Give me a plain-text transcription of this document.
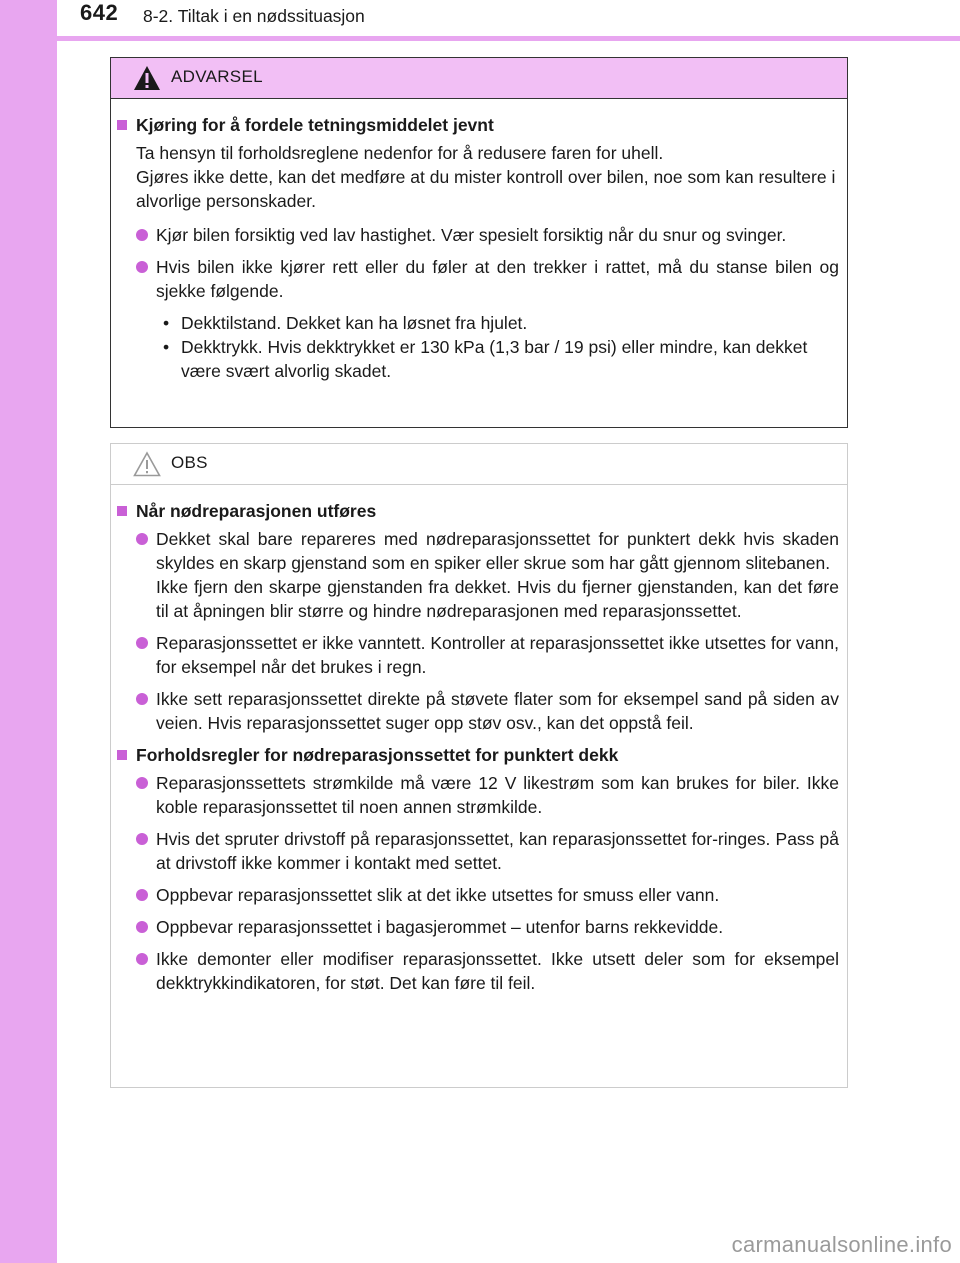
642 8-2. Tiltak i en nødssituasjon
ADVARSEL
Kjøring for å fordele tetningsmiddelet jevnt
Ta hensyn til forholdsreglene nedenfor for å redusere faren for uhell.
Gjøres ikke dette, kan det medføre at du mister kontroll over bilen, noe som kan resultere i alvorlige personskader.
Kjør bilen forsiktig ved lav hastighet. Vær spesielt forsiktig når du snur og svinger.
Hvis bilen ikke kjører rett eller du føler at den trekker i rattet, må du stanse bilen og sjekke følgende.
• Dekktilstand. Dekket kan ha løsnet fra hjulet.
• Dekktrykk. Hvis dekktrykket er 130 kPa (1,3 bar / 19 psi) eller mindre, kan dekket være svært alvorlig skadet.
OBS
Når nødreparasjonen utføres
Dekket skal bare repareres med nødreparasjonssettet for punktert dekk hvis skaden skyldes en skarp gjenstand som en spiker eller skrue som har gått gjennom slitebanen.
Ikke fjern den skarpe gjenstanden fra dekket. Hvis du fjerner gjenstanden, kan det føre til at åpningen blir større og hindre nødreparasjonen med reparasjonssettet.
Reparasjonssettet er ikke vanntett. Kontroller at reparasjonssettet ikke utsettes for vann, for eksempel når det brukes i regn.
Ikke sett reparasjonssettet direkte på støvete flater som for eksempel sand på siden av veien. Hvis reparasjonssettet suger opp støv osv., kan det oppstå feil.
Forholdsregler for nødreparasjonssettet for punktert dekk
Reparasjonssettets strømkilde må være 12 V likestrøm som kan brukes for biler. Ikke koble reparasjonssettet til noen annen strømkilde.
Hvis det spruter drivstoff på reparasjonssettet, kan reparasjonssettet for-ringes. Pass på at drivstoff ikke kommer i kontakt med settet.
Oppbevar reparasjonssettet slik at det ikke utsettes for smuss eller vann.
Oppbevar reparasjonssettet i bagasjerommet – utenfor barns rekkevidde.
Ikke demonter eller modifiser reparasjonssettet. Ikke utsett deler som for eksempel dekktrykkindikatoren, for støt. Det kan føre til feil.
carmanualsonline.info
